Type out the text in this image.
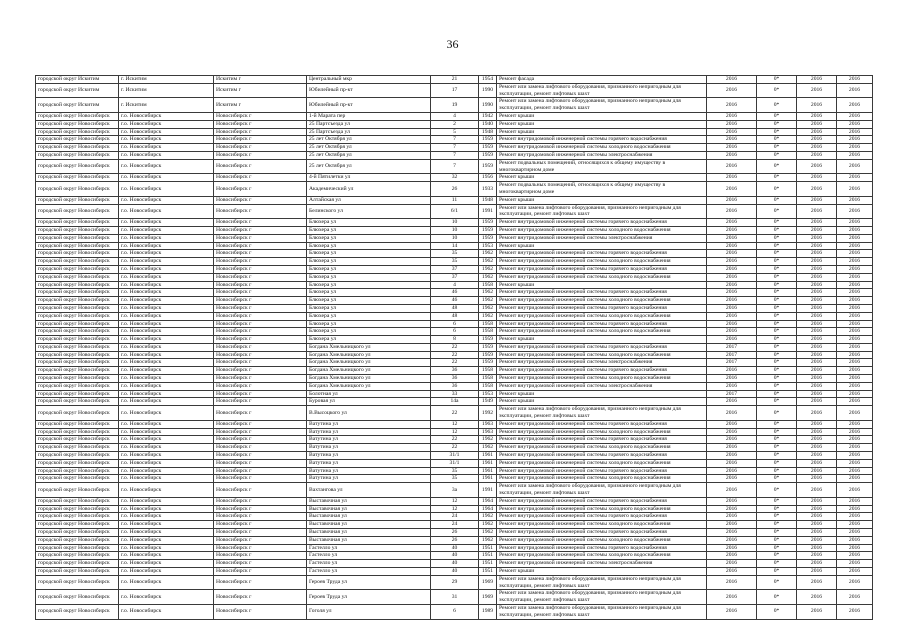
36
городской округ Искитим	г. Искитим	Искитим г	Центральный мкр	21	1954	Ремонт фасада	2016	0*	2016	2016
городской округ Искитим	г. Искитим	Искитим г	Юбилейный пр-кт	17	1990	Ремонт или замена лифтового оборудования, признанного непригодным для эксплуатации, ремонт лифтовых шахт	2016	0*	2016	2016
городской округ Искитим	г. Искитим	Искитим г	Юбилейный пр-кт	19	1990	Ремонт или замена лифтового оборудования, признанного непригодным для эксплуатации, ремонт лифтовых шахт	2016	0*	2016	2016
городской округ Новосибирск	г.о. Новосибирск	Новосибирск г	1-й Марата пер	4	1942	Ремонт крыши	2016	0*	2016	2016
городской округ Новосибирск	г.о. Новосибирск	Новосибирск г	25 Партсъезда ул	2	1940	Ремонт крыши	2016	0*	2016	2016
городской округ Новосибирск	г.о. Новосибирск	Новосибирск г	25 Партсъезда ул	5	1948	Ремонт крыши	2016	0*	2016	2016
городской округ Новосибирск	г.о. Новосибирск	Новосибирск г	25 лет Октября ул	7	1959	Ремонт внутридомовой инженерной системы горячего водоснабжения	2016	0*	2016	2016
городской округ Новосибирск	г.о. Новосибирск	Новосибирск г	25 лет Октября ул	7	1959	Ремонт внутридомовой инженерной системы холодного водоснабжения	2016	0*	2016	2016
городской округ Новосибирск	г.о. Новосибирск	Новосибирск г	25 лет Октября ул	7	1959	Ремонт внутридомовой инженерной системы электроснабжения	2016	0*	2016	2016
городской округ Новосибирск	г.о. Новосибирск	Новосибирск г	25 лет Октября ул	7	1959	Ремонт подвальных помещений, относящихся к общему имуществу в многоквартирном доме	2016	0*	2016	2016
городской округ Новосибирск	г.о. Новосибирск	Новосибирск г	4-й Пятилетки ул	32	1956	Ремонт крыши	2016	0*	2016	2016
городской округ Новосибирск	г.о. Новосибирск	Новосибирск г	Академический ул	26	1933	Ремонт подвальных помещений, относящихся к общему имуществу в многоквартирном доме	2016	0*	2016	2016
городской округ Новосибирск	г.о. Новосибирск	Новосибирск г	Алтайская ул	11	1948	Ремонт крыши	2016	0*	2016	2016
городской округ Новосибирск	г.о. Новосибирск	Новосибирск г	Белинского ул	6/1	1991	Ремонт или замена лифтового оборудования, признанного непригодным для эксплуатации, ремонт лифтовых шахт	2016	0*	2016	2016
городской округ Новосибирск	г.о. Новосибирск	Новосибирск г	Блюхера ул	10	1959	Ремонт внутридомовой инженерной системы горячего водоснабжения	2016	0*	2016	2016
городской округ Новосибирск	г.о. Новосибирск	Новосибирск г	Блюхера ул	10	1959	Ремонт внутридомовой инженерной системы холодного водоснабжения	2016	0*	2016	2016
городской округ Новосибирск	г.о. Новосибирск	Новосибирск г	Блюхера ул	10	1959	Ремонт внутридомовой инженерной системы электроснабжения	2016	0*	2016	2016
городской округ Новосибирск	г.о. Новосибирск	Новосибирск г	Блюхера ул	14	1953	Ремонт крыши	2016	0*	2016	2016
городской округ Новосибирск	г.о. Новосибирск	Новосибирск г	Блюхера ул	35	1962	Ремонт внутридомовой инженерной системы горячего водоснабжения	2016	0*	2016	2016
городской округ Новосибирск	г.о. Новосибирск	Новосибирск г	Блюхера ул	35	1962	Ремонт внутридомовой инженерной системы холодного водоснабжения	2016	0*	2016	2016
городской округ Новосибирск	г.о. Новосибирск	Новосибирск г	Блюхера ул	37	1962	Ремонт внутридомовой инженерной системы горячего водоснабжения	2016	0*	2016	2016
городской округ Новосибирск	г.о. Новосибирск	Новосибирск г	Блюхера ул	37	1962	Ремонт внутридомовой инженерной системы холодного водоснабжения	2016	0*	2016	2016
городской округ Новосибирск	г.о. Новосибирск	Новосибирск г	Блюхера ул	4	1958	Ремонт крыши	2016	0*	2016	2016
городской округ Новосибирск	г.о. Новосибирск	Новосибирск г	Блюхера ул	46	1962	Ремонт внутридомовой инженерной системы горячего водоснабжения	2016	0*	2016	2016
городской округ Новосибирск	г.о. Новосибирск	Новосибирск г	Блюхера ул	46	1962	Ремонт внутридомовой инженерной системы холодного водоснабжения	2016	0*	2016	2016
городской округ Новосибирск	г.о. Новосибирск	Новосибирск г	Блюхера ул	48	1962	Ремонт внутридомовой инженерной системы горячего водоснабжения	2016	0*	2016	2016
городской округ Новосибирск	г.о. Новосибирск	Новосибирск г	Блюхера ул	48	1962	Ремонт внутридомовой инженерной системы холодного водоснабжения	2016	0*	2016	2016
городской округ Новосибирск	г.о. Новосибирск	Новосибирск г	Блюхера ул	6	1958	Ремонт внутридомовой инженерной системы горячего водоснабжения	2016	0*	2016	2016
городской округ Новосибирск	г.о. Новосибирск	Новосибирск г	Блюхера ул	6	1958	Ремонт внутридомовой инженерной системы холодного водоснабжения	2016	0*	2016	2016
городской округ Новосибирск	г.о. Новосибирск	Новосибирск г	Блюхера ул	8	1959	Ремонт крыши	2016	0*	2016	2016
городской округ Новосибирск	г.о. Новосибирск	Новосибирск г	Богдана Хмельницкого ул	22	1959	Ремонт внутридомовой инженерной системы горячего водоснабжения	2017	0*	2016	2016
городской округ Новосибирск	г.о. Новосибирск	Новосибирск г	Богдана Хмельницкого ул	22	1959	Ремонт внутридомовой инженерной системы холодного водоснабжения	2017	0*	2016	2016
городской округ Новосибирск	г.о. Новосибирск	Новосибирск г	Богдана Хмельницкого ул	22	1959	Ремонт внутридомовой инженерной системы электроснабжения	2017	0*	2016	2016
городской округ Новосибирск	г.о. Новосибирск	Новосибирск г	Богдана Хмельницкого ул	36	1958	Ремонт внутридомовой инженерной системы горячего водоснабжения	2016	0*	2016	2016
городской округ Новосибирск	г.о. Новосибирск	Новосибирск г	Богдана Хмельницкого ул	36	1958	Ремонт внутридомовой инженерной системы холодного водоснабжения	2016	0*	2016	2016
городской округ Новосибирск	г.о. Новосибирск	Новосибирск г	Богдана Хмельницкого ул	36	1958	Ремонт внутридомовой инженерной системы электроснабжения	2016	0*	2016	2016
городской округ Новосибирск	г.о. Новосибирск	Новосибирск г	Болотная ул	33	1953	Ремонт крыши	2017	0*	2016	2016
городской округ Новосибирск	г.о. Новосибирск	Новосибирск г	Буровая ул	14а	1949	Ремонт крыши	2016	0*	2016	2016
городской округ Новосибирск	г.о. Новосибирск	Новосибирск г	В.Высоцкого ул	22	1992	Ремонт или замена лифтового оборудования, признанного непригодным для эксплуатации, ремонт лифтовых шахт	2016	0*	2016	2016
городской округ Новосибирск	г.о. Новосибирск	Новосибирск г	Ватутина ул	12	1963	Ремонт внутридомовой инженерной системы горячего водоснабжения	2016	0*	2016	2016
городской округ Новосибирск	г.о. Новосибирск	Новосибирск г	Ватутина ул	12	1963	Ремонт внутридомовой инженерной системы холодного водоснабжения	2016	0*	2016	2016
городской округ Новосибирск	г.о. Новосибирск	Новосибирск г	Ватутина ул	22	1962	Ремонт внутридомовой инженерной системы горячего водоснабжения	2016	0*	2016	2016
городской округ Новосибирск	г.о. Новосибирск	Новосибирск г	Ватутина ул	22	1962	Ремонт внутридомовой инженерной системы холодного водоснабжения	2016	0*	2016	2016
городской округ Новосибирск	г.о. Новосибирск	Новосибирск г	Ватутина ул	31/1	1961	Ремонт внутридомовой инженерной системы горячего водоснабжения	2016	0*	2016	2016
городской округ Новосибирск	г.о. Новосибирск	Новосибирск г	Ватутина ул	31/1	1961	Ремонт внутридомовой инженерной системы холодного водоснабжения	2016	0*	2016	2016
городской округ Новосибирск	г.о. Новосибирск	Новосибирск г	Ватутина ул	35	1961	Ремонт внутридомовой инженерной системы горячего водоснабжения	2016	0*	2016	2016
городской округ Новосибирск	г.о. Новосибирск	Новосибирск г	Ватутина ул	35	1961	Ремонт внутридомовой инженерной системы холодного водоснабжения	2016	0*	2016	2016
городской округ Новосибирск	г.о. Новосибирск	Новосибирск г	Вахтангова ул	3а	1991	Ремонт или замена лифтового оборудования, признанного непригодным для эксплуатации, ремонт лифтовых шахт	2016	0*	2016	2016
городской округ Новосибирск	г.о. Новосибирск	Новосибирск г	Выставочная ул	12	1964	Ремонт внутридомовой инженерной системы горячего водоснабжения	2016	0*	2016	2016
городской округ Новосибирск	г.о. Новосибирск	Новосибирск г	Выставочная ул	12	1964	Ремонт внутридомовой инженерной системы холодного водоснабжения	2016	0*	2016	2016
городской округ Новосибирск	г.о. Новосибирск	Новосибирск г	Выставочная ул	24	1962	Ремонт внутридомовой инженерной системы горячего водоснабжения	2016	0*	2016	2016
городской округ Новосибирск	г.о. Новосибирск	Новосибирск г	Выставочная ул	24	1962	Ремонт внутридомовой инженерной системы холодного водоснабжения	2016	0*	2016	2016
городской округ Новосибирск	г.о. Новосибирск	Новосибирск г	Выставочная ул	26	1962	Ремонт внутридомовой инженерной системы горячего водоснабжения	2016	0*	2016	2016
городской округ Новосибирск	г.о. Новосибирск	Новосибирск г	Выставочная ул	26	1962	Ремонт внутридомовой инженерной системы холодного водоснабжения	2016	0*	2016	2016
городской округ Новосибирск	г.о. Новосибирск	Новосибирск г	Гастелло ул	40	1951	Ремонт внутридомовой инженерной системы горячего водоснабжения	2016	0*	2016	2016
городской округ Новосибирск	г.о. Новосибирск	Новосибирск г	Гастелло ул	40	1951	Ремонт внутридомовой инженерной системы холодного водоснабжения	2016	0*	2016	2016
городской округ Новосибирск	г.о. Новосибирск	Новосибирск г	Гастелло ул	40	1951	Ремонт внутридомовой инженерной системы электроснабжения	2016	0*	2016	2016
городской округ Новосибирск	г.о. Новосибирск	Новосибирск г	Гастелло ул	40	1951	Ремонт крыши	2016	0*	2016	2016
городской округ Новосибирск	г.о. Новосибирск	Новосибирск г	Героев Труда ул	29	1969	Ремонт или замена лифтового оборудования, признанного непригодным для эксплуатации, ремонт лифтовых шахт	2016	0*	2016	2016
городской округ Новосибирск	г.о. Новосибирск	Новосибирск г	Героев Труда ул	31	1969	Ремонт или замена лифтового оборудования, признанного непригодным для эксплуатации, ремонт лифтовых шахт	2016	0*	2016	2016
городской округ Новосибирск	г.о. Новосибирск	Новосибирск г	Гоголя ул	6	1989	Ремонт или замена лифтового оборудования, признанного непригодным для эксплуатации, ремонт лифтовых шахт	2016	0*	2016	2016
